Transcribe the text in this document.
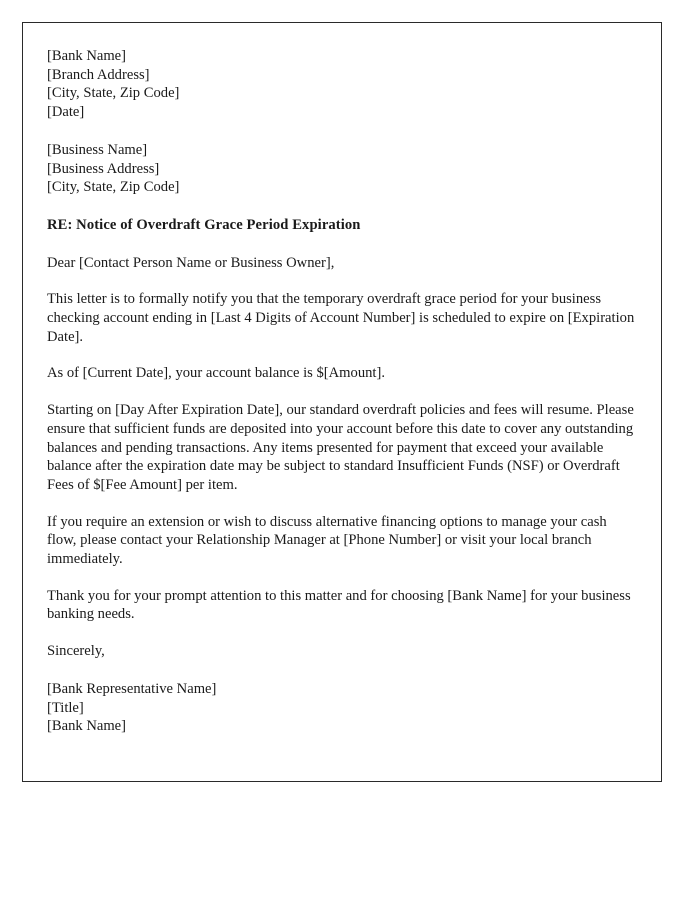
[Bank Name]
[Branch Address]
[City, State, Zip Code]
[Date]
[Business Name]
[Business Address]
[City, State, Zip Code]
RE: Notice of Overdraft Grace Period Expiration
Dear [Contact Person Name or Business Owner],

This letter is to formally notify you that the temporary overdraft grace period for your business checking account ending in [Last 4 Digits of Account Number] is scheduled to expire on [Expiration Date].

As of [Current Date], your account balance is $[Amount].

Starting on [Day After Expiration Date], our standard overdraft policies and fees will resume. Please ensure that sufficient funds are deposited into your account before this date to cover any outstanding balances and pending transactions. Any items presented for payment that exceed your available balance after the expiration date may be subject to standard Insufficient Funds (NSF) or Overdraft Fees of $[Fee Amount] per item.

If you require an extension or wish to discuss alternative financing options to manage your cash flow, please contact your Relationship Manager at [Phone Number] or visit your local branch immediately.

Thank you for your prompt attention to this matter and for choosing [Bank Name] for your business banking needs.

Sincerely,
[Bank Representative Name]
[Title]
[Bank Name]
